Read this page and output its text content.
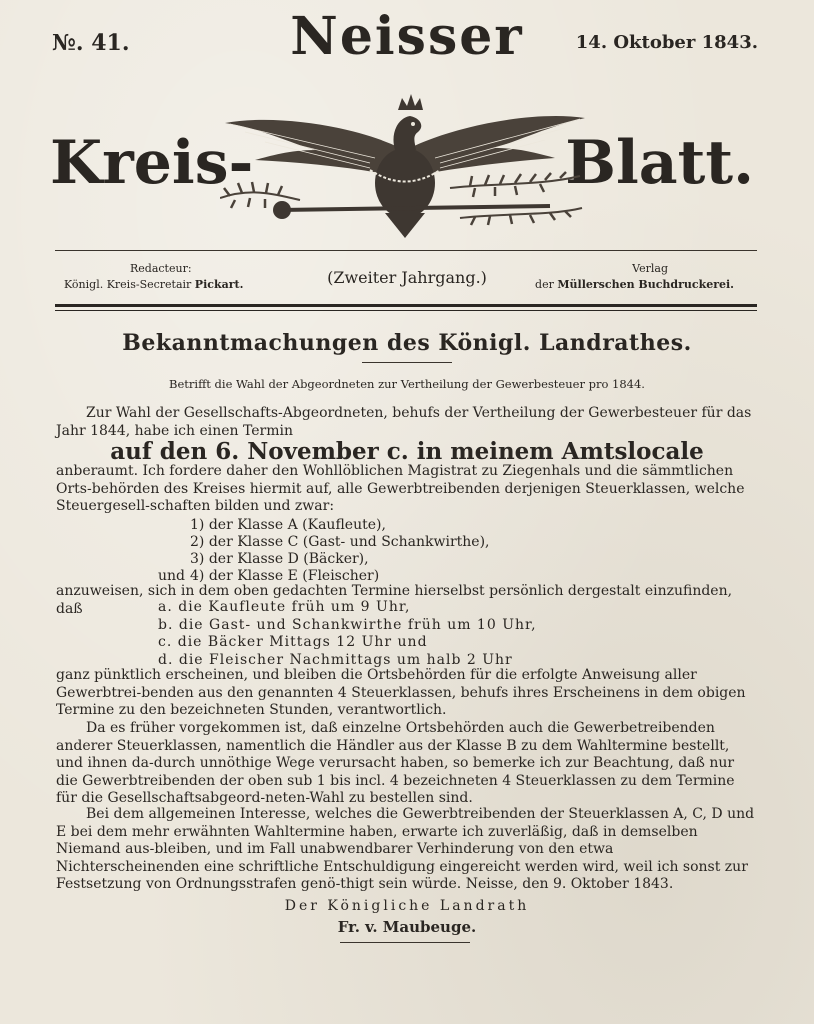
№. 41.	Neisser	14. Oktober 1843.
Kreis-	Blatt.
Redacteur:
Königl. Kreis-Secretair Pickart.	(Zweiter Jahrgang.)	Verlag
der Müllerschen Buchdruckerei.
Bekanntmachungen des Königl. Landrathes.
Betrifft die Wahl der Abgeordneten zur Vertheilung der Gewerbesteuer pro 1844.
Zur Wahl der Gesellschafts-Abgeordneten, behufs der Vertheilung der Gewerbesteuer für das Jahr 1844, habe ich einen Termin
auf den 6. November c. in meinem Amtslocale
anberaumt. Ich fordere daher den Wohllöblichen Magistrat zu Ziegenhals und die sämmtlichen Orts-behörden des Kreises hiermit auf, alle Gewerbtreibenden derjenigen Steuerklassen, welche Steuergesell-schaften bilden und zwar:
1) der Klasse A (Kaufleute),
2) der Klasse C (Gast- und Schankwirthe),
3) der Klasse D (Bäcker),
4) der Klasse E (Fleischer)
und
anzuweisen, sich in dem oben gedachten Termine hierselbst persönlich dergestalt einzufinden, daß	a. die Kaufleute früh um 9 Uhr,
b. die Gast- und Schankwirthe früh um 10 Uhr,
c. die Bäcker Mittags 12 Uhr und
d. die Fleischer Nachmittags um halb 2 Uhr
ganz pünktlich erscheinen, und bleiben die Ortsbehörden für die erfolgte Anweisung aller Gewerbtrei-benden aus den genannten 4 Steuerklassen, behufs ihres Erscheinens in dem obigen Termine zu den bezeichneten Stunden, verantwortlich.
Da es früher vorgekommen ist, daß einzelne Ortsbehörden auch die Gewerbetreibenden anderer Steuerklassen, namentlich die Händler aus der Klasse B zu dem Wahltermine bestellt, und ihnen da-durch unnöthige Wege verursacht haben, so bemerke ich zur Beachtung, daß nur die Gewerbtreibenden der oben sub 1 bis incl. 4 bezeichneten 4 Steuerklassen zu dem Termine für die Gesellschaftsabgeord-neten-Wahl zu bestellen sind.
Bei dem allgemeinen Interesse, welches die Gewerbtreibenden der Steuerklassen A, C, D und E bei dem mehr erwähnten Wahltermine haben, erwarte ich zuverläßig, daß in demselben Niemand aus-bleiben, und im Fall unabwendbarer Verhinderung von den etwa Nichterscheinenden eine schriftliche Entschuldigung eingereicht werden wird, weil ich sonst zur Festsetzung von Ordnungsstrafen genö-thigt sein würde. Neisse, den 9. Oktober 1843.
Der Königliche Landrath
Fr. v. Maubeuge.
